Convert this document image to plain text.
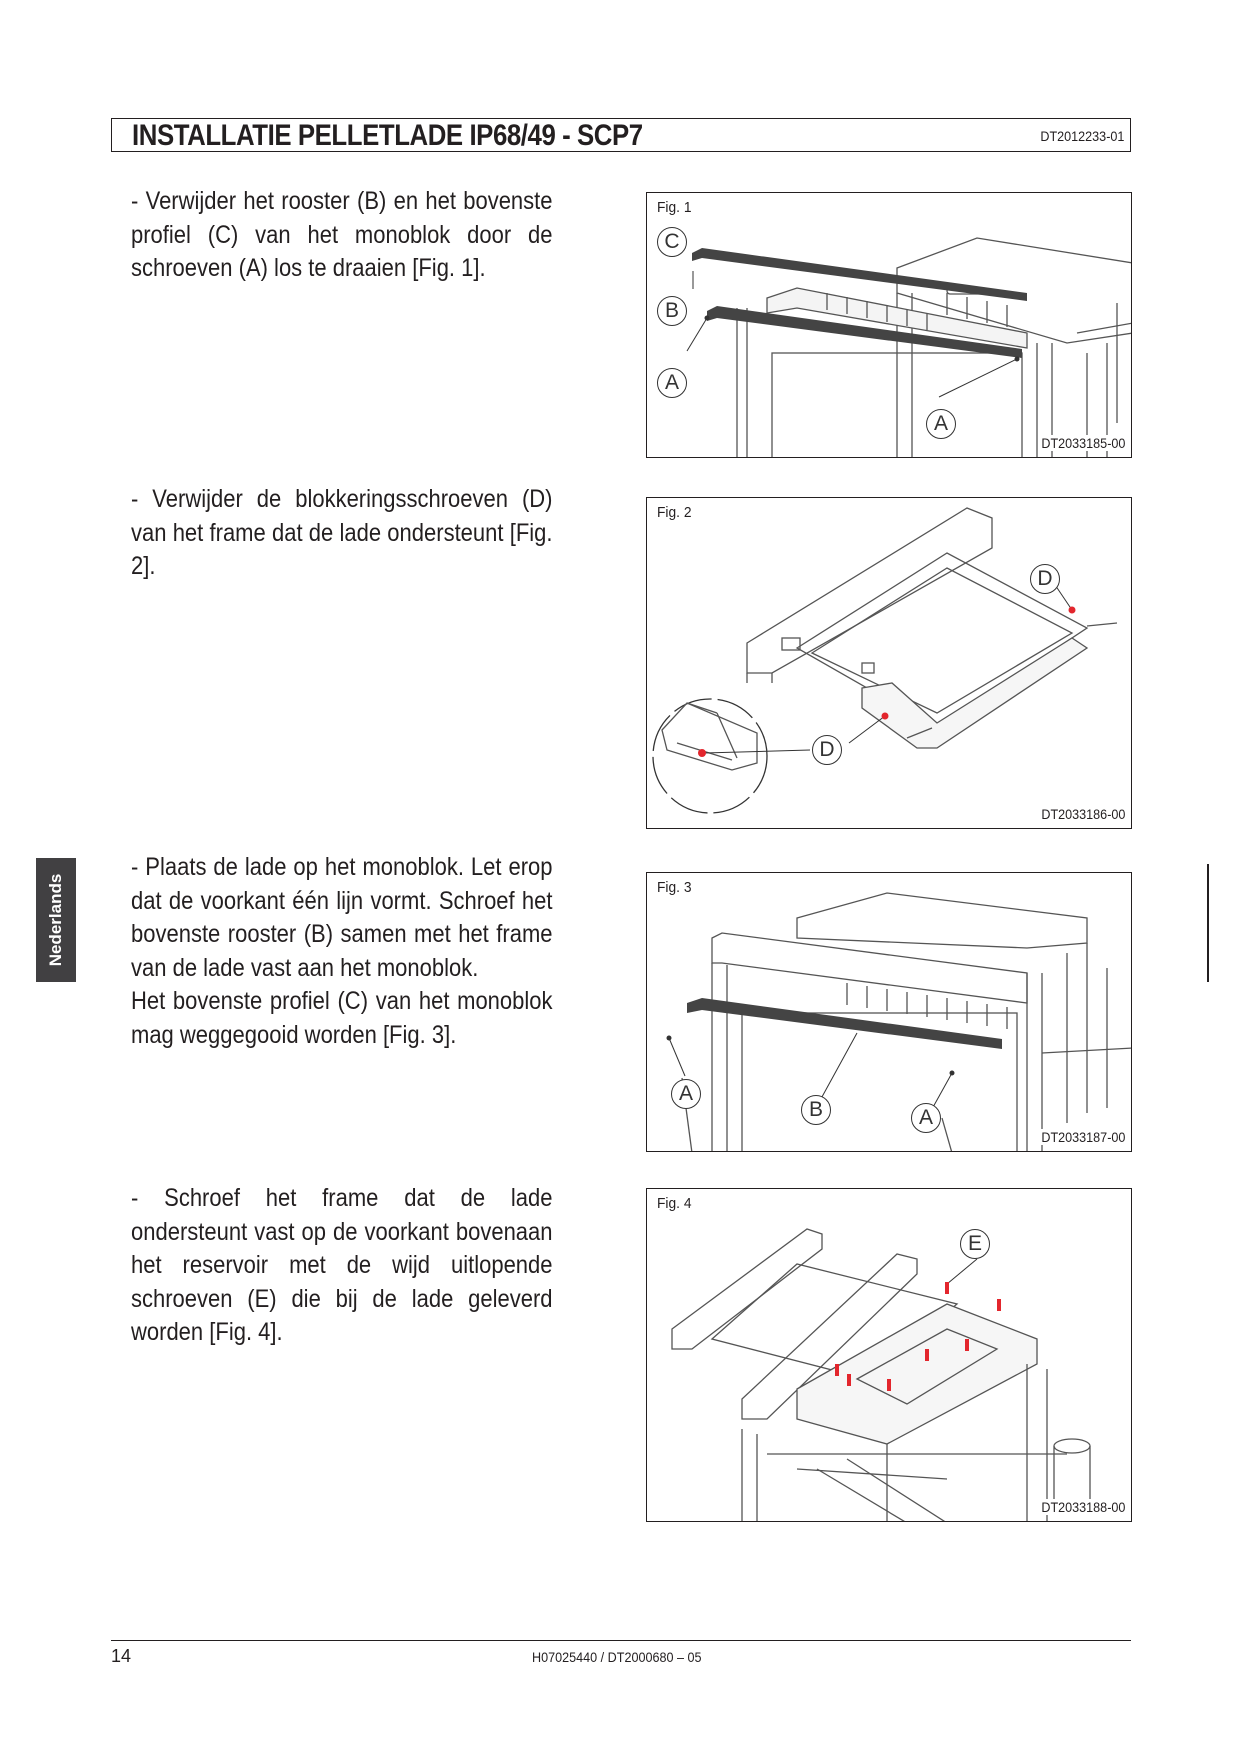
INSTALLATIE PELLETLADE IP68/49 - SCP7	DT2012233-01
Nederlands

- Verwijder het rooster (B) en het bovenste profiel (C) van het monoblok door de schroeven (A) los te draaien [Fig. 1].

Fig. 1
C
B
A
A
DT2033185-00

- Verwijder de blokkeringsschroeven (D) van het frame dat de lade ondersteunt [Fig. 2].

Fig. 2
D
D
DT2033186-00

- Plaats de lade op het monoblok. Let erop dat de voorkant één lijn vormt. Schroef het bovenste rooster (B) samen met het frame van de lade vast aan het monoblok.

Het bovenste profiel (C) van het monoblok mag weggegooid worden [Fig. 3].

Fig. 3
A
B	A
DT2033187-00

- Schroef het frame dat de lade ondersteunt vast op de voorkant bovenaan het reservoir met de wijd uitlopende schroeven (E) die bij de lade geleverd worden [Fig. 4].

Fig. 4
E
DT2033188-00
14	H07025440 / DT2000680 – 05
